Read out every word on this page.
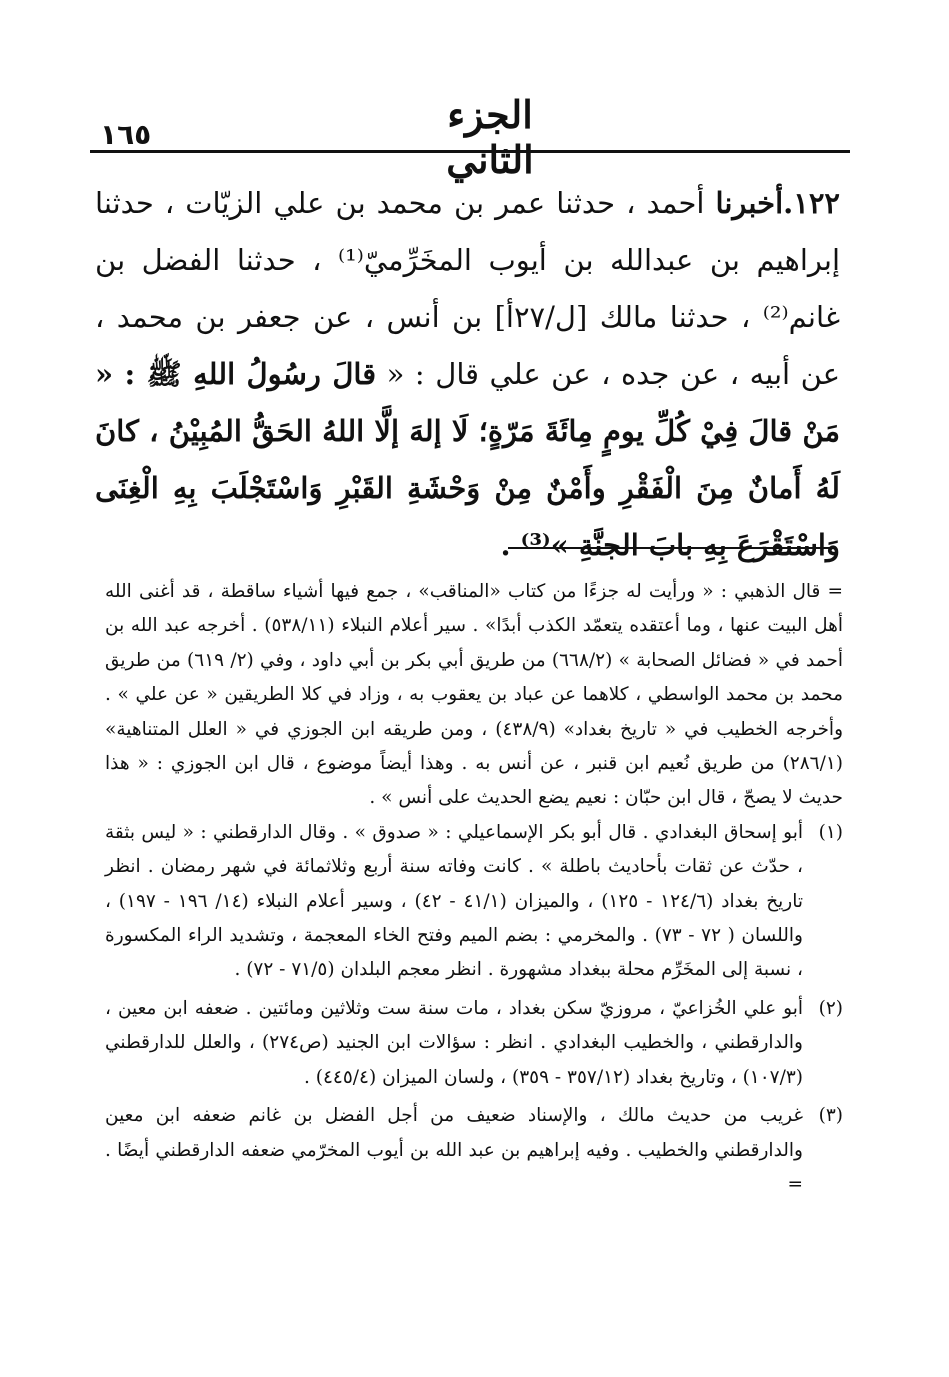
١٦٥	الجزء الثاني

١٢٢.أخبرنا أحمد ، حدثنا عمر بن محمد بن علي الزيّات ، حدثنا إبراهيم بن عبدالله بن أيوب المخَرِّميّ⁽¹⁾ ، حدثنا الفضل بن غانم⁽²⁾ ، حدثنا مالك [ل/٢٧أ] بن أنس ، عن جعفر بن محمد ، عن أبيه ، عن جده ، عن علي قال : « قالَ رسُولُ اللهِ ﷺ : « مَنْ قالَ فِيْ كُلِّ يومٍ مِائَةَ مَرّةٍ؛ لَا إلهَ إلَّا اللهُ الحَقُّ المُبِيْنُ ، كانَ لَهُ أَمانٌ مِنَ الْفَقْرِ وأَمْنٌ مِنْ وَحْشَةِ القَبْرِ وَاسْتَجْلَبَ بِهِ الْغِنَى وَاسْتَقْرَعَ بِهِ بابَ الجنَّةِ »⁽³⁾ .

= قال الذهبي : « ورأيت له جزءًا من كتاب «المناقب» ، جمع فيها أشياء ساقطة ، قد أغنى الله أهل البيت عنها ، وما أعتقده يتعمّد الكذب أبدًا» . سير أعلام النبلاء (٥٣٨/١١) . أخرجه عبد الله بن أحمد في « فضائل الصحابة » (٦٦٨/٢) من طريق أبي بكر بن أبي داود ، وفي (٢/ ٦١٩) من طريق محمد بن محمد الواسطي ، كلاهما عن عباد بن يعقوب به ، وزاد في كلا الطريقين « عن علي » . وأخرجه الخطيب في « تاريخ بغداد» (٤٣٨/٩) ، ومن طريقه ابن الجوزي في « العلل المتناهية» (٢٨٦/١) من طريق نُعيم ابن قنبر ، عن أنس به . وهذا أيضاً موضوع ، قال ابن الجوزي : « هذا حديث لا يصحّ ، قال ابن حبّان : نعيم يضع الحديث على أنس » .

(١)
أبو إسحاق البغدادي . قال أبو بكر الإسماعيلي : « صدوق » . وقال الدارقطني : « ليس بثقة ، حدّث عن ثقات بأحاديث باطلة » . كانت وفاته سنة أربع وثلاثمائة في شهر رمضان . انظر تاريخ بغداد (١٢٤/٦ - ١٢٥) ، والميزان (٤١/١ - ٤٢) ، وسير أعلام النبلاء (١٤/ ١٩٦ - ١٩٧) ، واللسان ( ٧٢ - ٧٣) . والمخرمي : بضم الميم وفتح الخاء المعجمة ، وتشديد الراء المكسورة ، نسبة إلى المخَرِّم محلة ببغداد مشهورة . انظر معجم البلدان (٧١/٥ - ٧٢) .
(٢)
أبو علي الخُزاعيّ ، مروزيّ سكن بغداد ، مات سنة ست وثلاثين ومائتين . ضعفه ابن معين ، والدارقطني ، والخطيب البغدادي . انظر : سؤالات ابن الجنيد (ص٢٧٤) ، والعلل للدارقطني (١٠٧/٣) ، وتاريخ بغداد (٣٥٧/١٢ - ٣٥٩) ، ولسان الميزان (٤٤٥/٤) .
(٣)
غريب من حديث مالك ، والإسناد ضعيف من أجل الفضل بن غانم ضعفه ابن معين والدارقطني والخطيب . وفيه إبراهيم بن عبد الله بن أيوب المخرّمي ضعفه الدارقطني أيضًا . =
